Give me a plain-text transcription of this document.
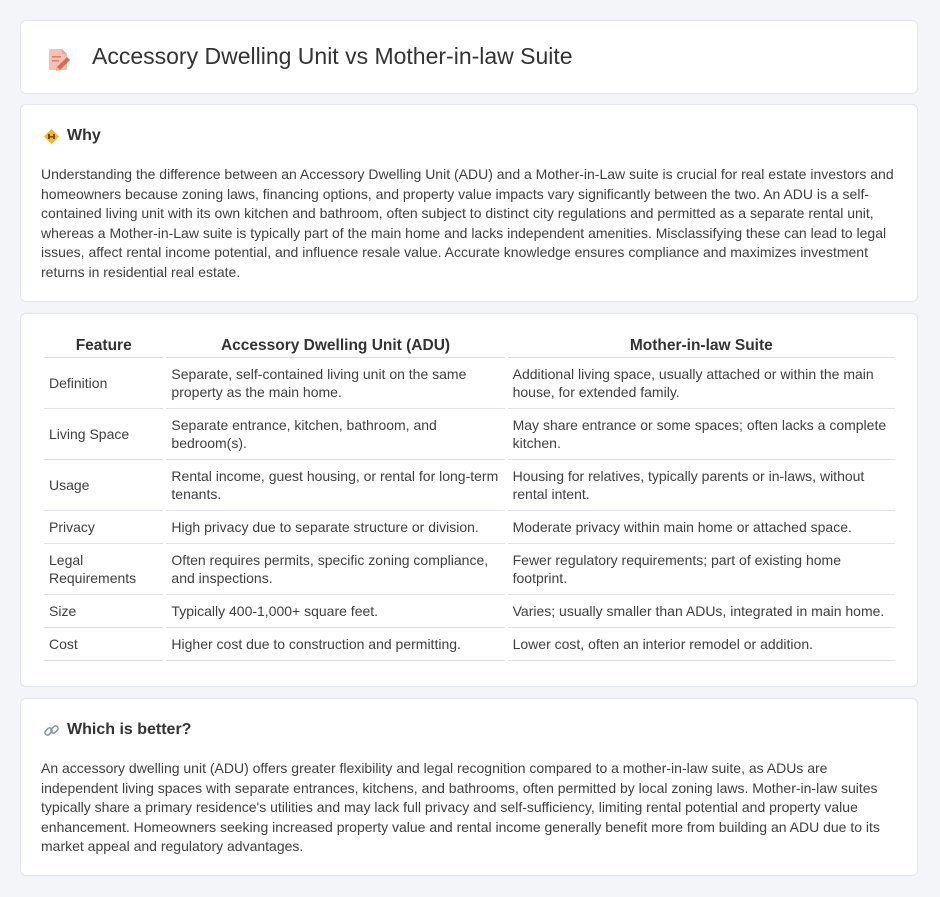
Accessory Dwelling Unit vs Mother-in-law Suite
Why

Understanding the difference between an Accessory Dwelling Unit (ADU) and a Mother-in-Law suite is crucial for real estate investors and homeowners because zoning laws, financing options, and property value impacts vary significantly between the two. An ADU is a self-contained living unit with its own kitchen and bathroom, often subject to distinct city regulations and permitted as a separate rental unit, whereas a Mother-in-Law suite is typically part of the main home and lacks independent amenities. Misclassifying these can lead to legal issues, affect rental income potential, and influence resale value. Accurate knowledge ensures compliance and maximizes investment returns in residential real estate.

Feature	Accessory Dwelling Unit (ADU)	Mother-in-law Suite
Definition	Separate, self-contained living unit on the same property as the main home.	Additional living space, usually attached or within the main house, for extended family.
Living Space	Separate entrance, kitchen, bathroom, and bedroom(s).	May share entrance or some spaces; often lacks a complete kitchen.
Usage	Rental income, guest housing, or rental for long-term tenants.	Housing for relatives, typically parents or in-laws, without rental intent.
Privacy	High privacy due to separate structure or division.	Moderate privacy within main home or attached space.
Legal Requirements	Often requires permits, specific zoning compliance, and inspections.	Fewer regulatory requirements; part of existing home footprint.
Size	Typically 400-1,000+ square feet.	Varies; usually smaller than ADUs, integrated in main home.
Cost	Higher cost due to construction and permitting.	Lower cost, often an interior remodel or addition.
Which is better?

An accessory dwelling unit (ADU) offers greater flexibility and legal recognition compared to a mother-in-law suite, as ADUs are independent living spaces with separate entrances, kitchens, and bathrooms, often permitted by local zoning laws. Mother-in-law suites typically share a primary residence's utilities and may lack full privacy and self-sufficiency, limiting rental potential and property value enhancement. Homeowners seeking increased property value and rental income generally benefit more from building an ADU due to its market appeal and regulatory advantages.
